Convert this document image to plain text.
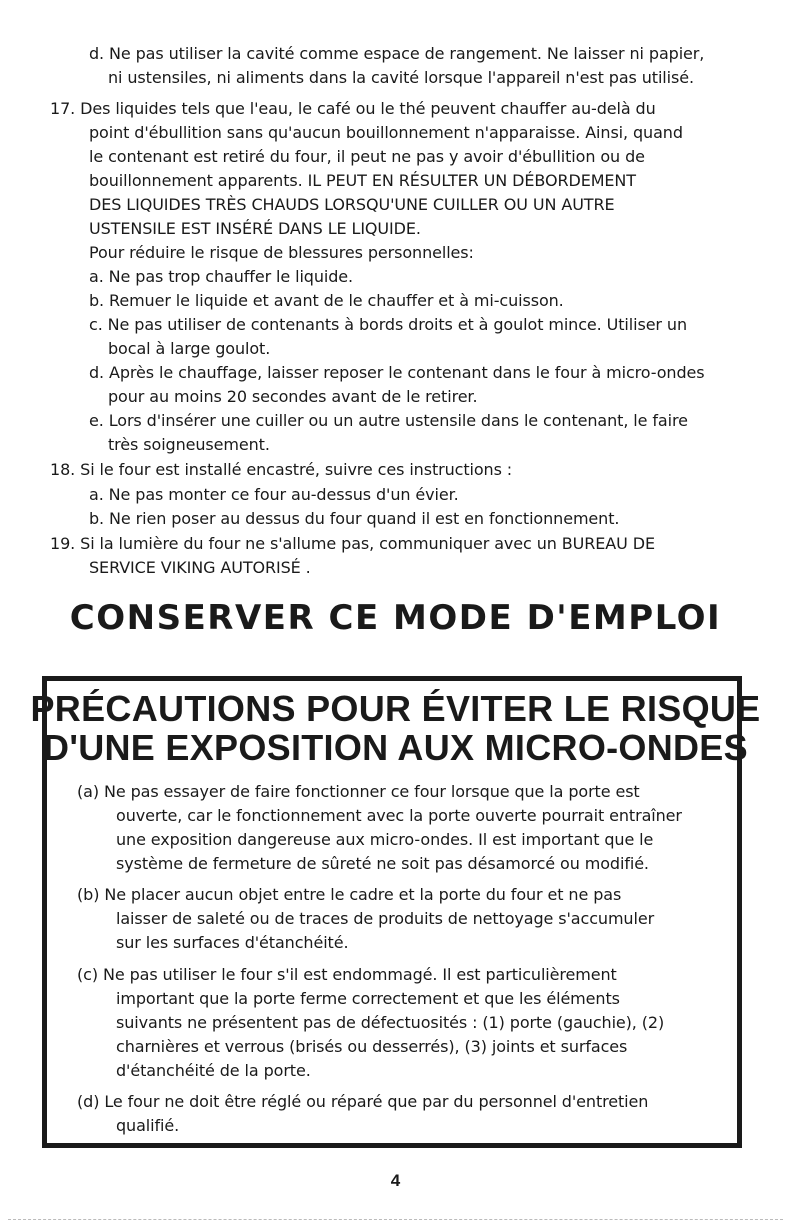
d. Ne pas utiliser la cavité comme espace de rangement. Ne laisser ni papier,
ni ustensiles, ni aliments dans la cavité lorsque l'appareil n'est pas utilisé.
17. Des liquides tels que l'eau, le café ou le thé peuvent chauffer au-delà du
point d'ébullition sans qu'aucun bouillonnement n'apparaisse. Ainsi, quand
le contenant est retiré du four, il peut ne pas y avoir d'ébullition ou de
bouillonnement apparents. IL PEUT EN RÉSULTER UN DÉBORDEMENT
DES LIQUIDES TRÈS CHAUDS LORSQU'UNE CUILLER OU UN AUTRE
USTENSILE EST INSÉRÉ DANS LE LIQUIDE.
Pour réduire le risque de blessures personnelles:
a. Ne pas trop chauffer le liquide.
b. Remuer le liquide et avant de le chauffer et à mi-cuisson.
c. Ne pas utiliser de contenants à bords droits et à goulot mince. Utiliser un
bocal à large goulot.
d. Après le chauffage, laisser reposer le contenant dans le four à micro-ondes
pour au moins 20 secondes avant de le retirer.
e. Lors d'insérer une cuiller ou un autre ustensile dans le contenant, le faire
très soigneusement.
18. Si le four est installé encastré, suivre ces instructions :
a. Ne pas monter ce four au-dessus d'un évier.
b. Ne rien poser au dessus du four quand il est en fonctionnement.
19. Si la lumière du four ne s'allume pas, communiquer avec un BUREAU DE
SERVICE VIKING AUTORISÉ .
CONSERVER CE MODE D'EMPLOI
PRÉCAUTIONS POUR ÉVITER LE RISQUE
D'UNE EXPOSITION AUX MICRO-ONDES
(a) Ne pas essayer de faire fonctionner ce four lorsque que la porte est
ouverte, car le fonctionnement avec la porte ouverte pourrait entraîner
une exposition dangereuse aux micro-ondes. Il est important que le
système de fermeture de sûreté ne soit pas désamorcé ou modifié.
(b) Ne placer aucun objet entre le cadre et la porte du four et ne pas
laisser de saleté ou de traces de produits de nettoyage s'accumuler
sur les surfaces d'étanchéité.
(c) Ne pas utiliser le four s'il est endommagé. Il est particulièrement
important que la porte ferme correctement et que les éléments
suivants ne présentent pas de défectuosités : (1) porte (gauchie), (2)
charnières et verrous (brisés ou desserrés), (3) joints et surfaces
d'étanchéité de la porte.
(d) Le four ne doit être réglé ou réparé que par du personnel d'entretien
qualifié.
4
